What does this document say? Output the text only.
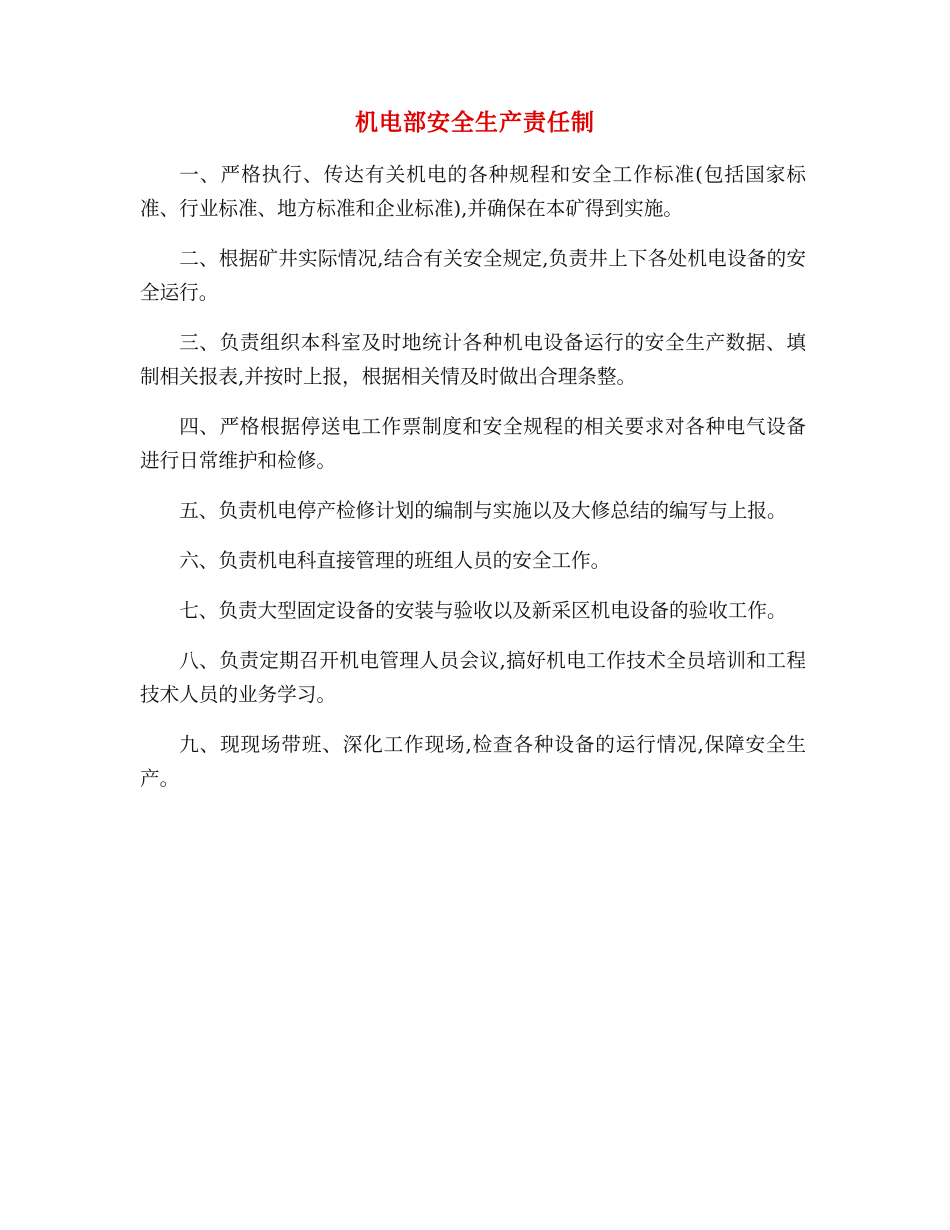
机电部安全生产责任制

一、严格执行、传达有关机电的各种规程和安全工作标准(包括国家标准、行业标准、地方标准和企业标准),并确保在本矿得到实施。

二、根据矿井实际情况,结合有关安全规定,负责井上下各处机电设备的安全运行。

三、负责组织本科室及时地统计各种机电设备运行的安全生产数据、填制相关报表,并按时上报，根据相关情及时做出合理条整。

四、严格根据停送电工作票制度和安全规程的相关要求对各种电气设备进行日常维护和检修。

五、负责机电停产检修计划的编制与实施以及大修总结的编写与上报。

六、负责机电科直接管理的班组人员的安全工作。

七、负责大型固定设备的安装与验收以及新采区机电设备的验收工作。

八、负责定期召开机电管理人员会议,搞好机电工作技术全员培训和工程技术人员的业务学习。

九、现现场带班、深化工作现场,检查各种设备的运行情况,保障安全生产。
